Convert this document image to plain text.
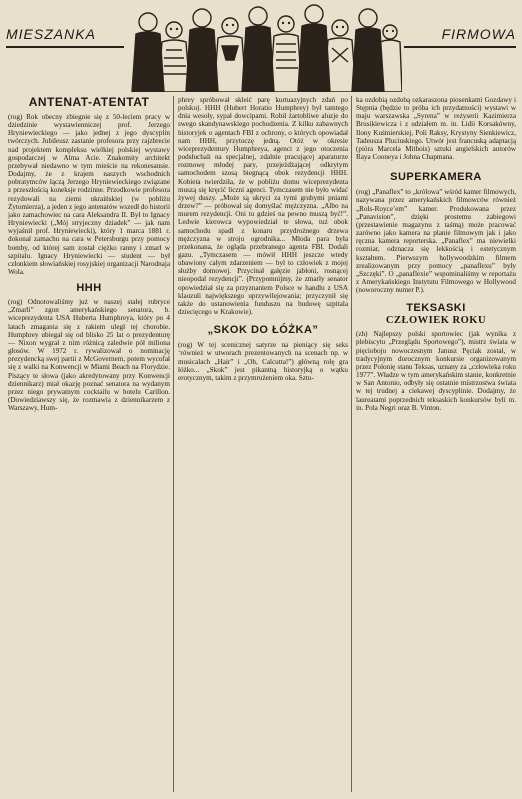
MIESZANKA	FIRMOWA
ANTENAT-ATENTAT

(rog) Rok obecny zbiegnie się z 50-leciem pracy w dziedzinie wystawienniczej prof. Jerzego Hryniewieckiego — jako jednej z jego dyscyplin twórczych. Jubileusz zastanie profesora przy rajzbrecie nad projektem kompleksu wielkiej polskiej wystawy gospodarczej w Alma Acie. Znakomity architekt przebywał niedawno w tym mieście na rekonesansie. Dodajmy, że z krajem naszych wschodnich pobratymców łączą Jerzego Hryniewieckiego związane z przeszłością koneksje rodzinne. Przodkowie profesora rezydowali na ziemi ukraińskiej (w pobliżu Żytomierza), a jeden z jego antenatów wszedł do historii jako zamachowiec na cara Aleksandra II. Był to Ignacy Hryniewiecki („Mój stryjeczny dziadek” — jak nam wyjaśnił prof. Hryniewiecki), który 1 marca 1881 r. dokonał zamachu na cara w Petersburgu przy pomocy bomby, od której sam został ciężko ranny i zmarł w szpitalu. Ignacy Hryniewiecki — student — był członkiem słowiańskiej rosyjskiej organizacji Narodnaja Wola.

HHH

(rog) Odnotowaliśmy już w naszej stałej rubryce „Zmarli” zgon amerykańskiego senatora, b. wiceprezydenta USA Huberta Humphreya, który po 4 latach zmagania się z rakiem uległ tej chorobie. Humphrey ubiegał się od blisko 25 lat o prezydenturę — Nixon wygrał z nim różnicą zaledwie pół miliona głosów. W 1972 r. rywalizował o nominację prezydencką swej partii z McGovernem, potem wycofał się z walki na Konwencji w Miami Beach na Florydzie. Piszący te słowa (jako akredytowany przy Konwencji dziennikarz) miał okazję poznać senatora na wydanym przez niego prywatnym cocktailu w hotelu Carillon. (Dowiedziawszy się, że rozmawia z dziennikarzem z Warszawy, Hum-

phrey spróbował skleić parę kurtuazyjnych zdań po polsku). HHH (Hubert Horatio Humphrey) był tamtego dnia wesoły, sypał dowcipami. Robił żartobliwe aluzje do swego skandynawskiego pochodzenia. Z kilku zabawnych historyjek o agentach FBI z ochrony, o których opowiadał nam HHH, przytoczę jedną. Otóż w okresie wiceprezydentury Humphreya, agenci z jego otoczenia podsłuchali na specjalnej, zdalnie pracującej aparaturze rozmowę młodej pary, przejeżdżającej odkrytym samochodem szosą biegnącą obok rezydencji HHH. Kobieta twierdziła, że w pobliżu domu wiceprezydenta muszą się kręcić liczni agenci. Tymczasem nie było widać żywej duszy. „Może są ukryci za tymi grubymi pniami drzew?” — próbował się domyślać mężczyzna. „Albo na murem rezydencji. Oni tu gdzieś na pewno muszą być!”. Ledwie kierowca wypowiedział te słowa, tuż obok samochodu spadł z konaru przydrożnego drzewa mężczyzna w stroju ogrodnika... Młoda para była przekonana, że ogląda przebranego agenta FBI. Dodali gazu. „Tymczasem — mówił HHH jeszcze wtedy ubawiony całym zdarzeniem — był to człowiek z mojej służby domowej. Przycinał gałęzie jabłoni, rosnącej nieopodal rezydencji”. (Przypomnijmy, że zmarły senator opowiedział się za przyznaniem Polsce w handlu z USA klauzuli największego uprzywilejowania; przyczynił się także do ustanowienia funduszu na budowę szpitala dziecięcego w Krakowie).

„SKOK DO ŁÓŻKA”

(rog) W tej scenicznej satyrze na pieniący się seks ‘również w utworach prezentowanych na scenach np. w musicalach „Hair” i „Oh, Calcutta!”) główną rolę gra łóżko... „Skok” jest pikantną historyjką o wątku erotycznym, takim z przymrużeniem oka. Sztu-

ka ozdobią ozdobą ozkaraszona piosenkami Gozdawy i Stępnia (będzie to próba ich przydatności) wystawi w maju warszawska „Syrena” w reżyserii Kazimierza Brusikiewicza i z udziałem m. in. Lidii Korsakówny, Ilony Kuśmierskiej, Poli Raksy, Krystyny Sienkiewicz, Tadeusza Pluciuskiego. Utwór jest francuską adaptacją (pióra Marcela Mithois) sztuki angielskich autorów Raya Cooneya i Johna Chapmana.

SUPERKAMERA

(rog) „Panaflex” to „królowa” wśród kamer filmowych, nazywana przez amerykańskich filmowców również „Rols-Royce’em” kamer. Produkowana przez „Panavision”, dzięki prostemu zabiegowi (przestawienie magazynu z taśmą) może pracować zarówno jako kamera na planie filmowym jak i jako ręczna kamera reporterska. „Panaflex” ma niewielki rozmiar, odznacza się lekkością i estetycznym kształtem. Pierwszym hollywoodzkim filmem zrealizowanym przy pomocy „panaflexu” były „Szczęki”. O „panaflexie” wspominaliśmy w reportażu z Amerykańskiego Instytutu Filmowego w Hollywood (noworoczny numer P.).

TEKSASKI
CZŁOWIEK ROKU

(zh) Najlepszy polski sportowiec (jak wynika z plebiscytu „Przeglądu Sportowego”), mistrz świata w pięcioboju nowoczesnym Janusz Pęciak został, w tradycyjnym dorocznym konkursie organizowanym przez Polonię stanu Teksas, uznany za „człowieka roku 1977”. Władze w tym amerykańskim stanie, konkretnie w San Antonio, odbyły się ostatnie mistrzostwa świata w tej trudnej a ciekawej dyscyplinie. Dodajmy, że laureatami poprzednich teksaskich konkursów byli m. in. Pola Negri oraz B. Vinton.
